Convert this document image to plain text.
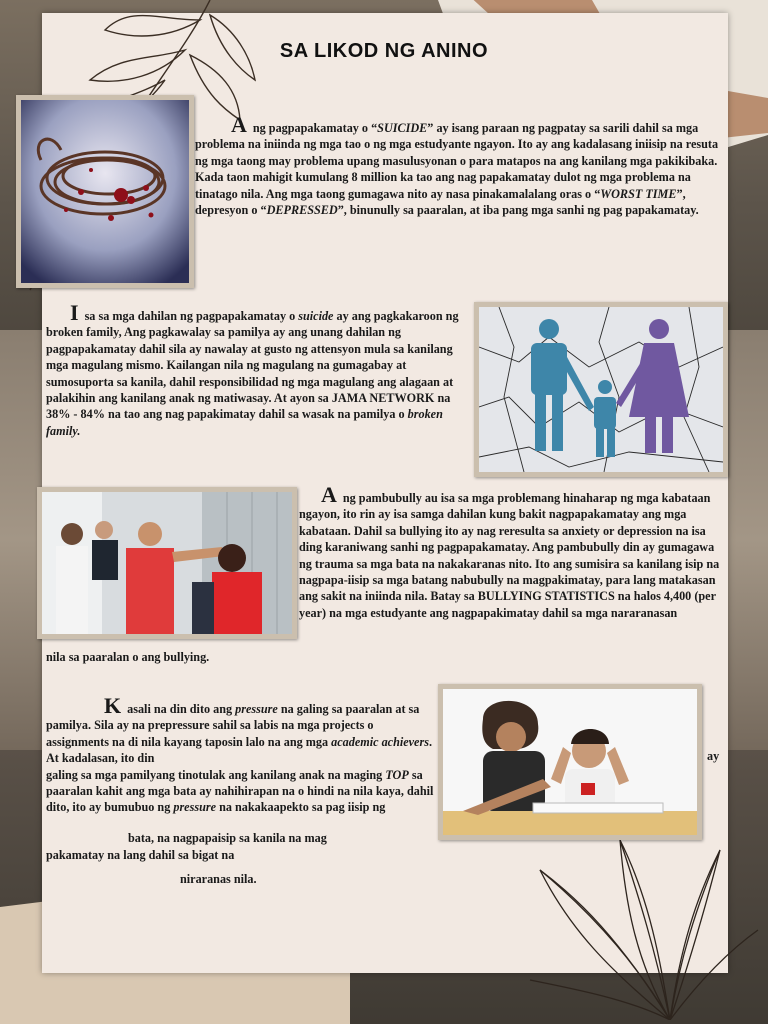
SA LIKOD NG ANINO

Ang pagpapakamatay o “SUICIDE” ay isang paraan ng pagpatay sa sarili dahil sa mga problema na iniinda ng mga tao o ng mga estudyante ngayon. Ito ay ang kadalasang iniisip na resuta ng mga taong may problema upang masulusyonan o para matapos na ang kanilang mga pakikibaka. Kada taon mahigit kumulang 8 million ka tao ang nag papakamatay dulot ng mga problema na tinatago nila. Ang mga taong gumagawa nito ay nasa pinakamalalang oras o “WORST TIME”, depresyon o “DEPRESSED”, binunully sa paaralan, at iba pang mga sanhi ng pag papakamatay.

Isa sa mga dahilan ng pagpapakamatay o suicide ay ang pagkakaroon ng broken family, Ang pagkawalay sa pamilya ay ang unang dahilan ng pagpapakamatay dahil sila ay nawalay at gusto ng attensyon mula sa kanilang mga magulang mismo. Kailangan nila ng magulang na gumagabay at sumosuporta sa kanila, dahil responsibilidad ng mga magulang ang alagaan at palakihin ang kanilang anak ng matiwasay. At ayon sa JAMA NETWORK na 38% - 84% na tao ang nag papakimatay dahil sa wasak na pamilya o broken family.

Ang pambubully au isa sa mga problemang hinaharap ng mga kabataan ngayon, ito rin ay isa samga dahilan kung bakit nagpapakamatay ang mga kabataan. Dahil sa bullying ito ay nag reresulta sa anxiety or depression na isa ding karaniwang sanhi ng pagpapakamatay. Ang pambubully din ay gumagawa ng trauma sa mga bata na nakakaranas nito. Ito ang sumisira sa kanilang isip na nagpapa-iisip sa mga batang nabubully na magpakimatay, para lang matakasan ang sakit na iniinda nila. Batay sa BULLYING STATISTICS na halos 4,400 (per year) na mga estudyante ang nagpapakimatay dahil sa mga nararanasan

nila sa paaralan o ang bullying.

Kasali na din dito ang pressure na galing sa paaralan at sa pamilya. Sila ay na prepressure sahil sa labis na mga projects o assignments na di nila kayang taposin lalo na ang mga academic achievers. At kadalasan, ito din
galing sa mga pamilyang tinotulak ang kanilang anak na maging TOP sa paaralan kahit ang mga bata ay nahihirapan na o hindi na nila kaya, dahil dito, ito ay bumubuo ng pressure na nakakaapekto sa pag iisip ng

ay

bata, na nagpapaisip sa kanila na mag

pakamatay na lang dahil sa bigat na

niraranas nila.
